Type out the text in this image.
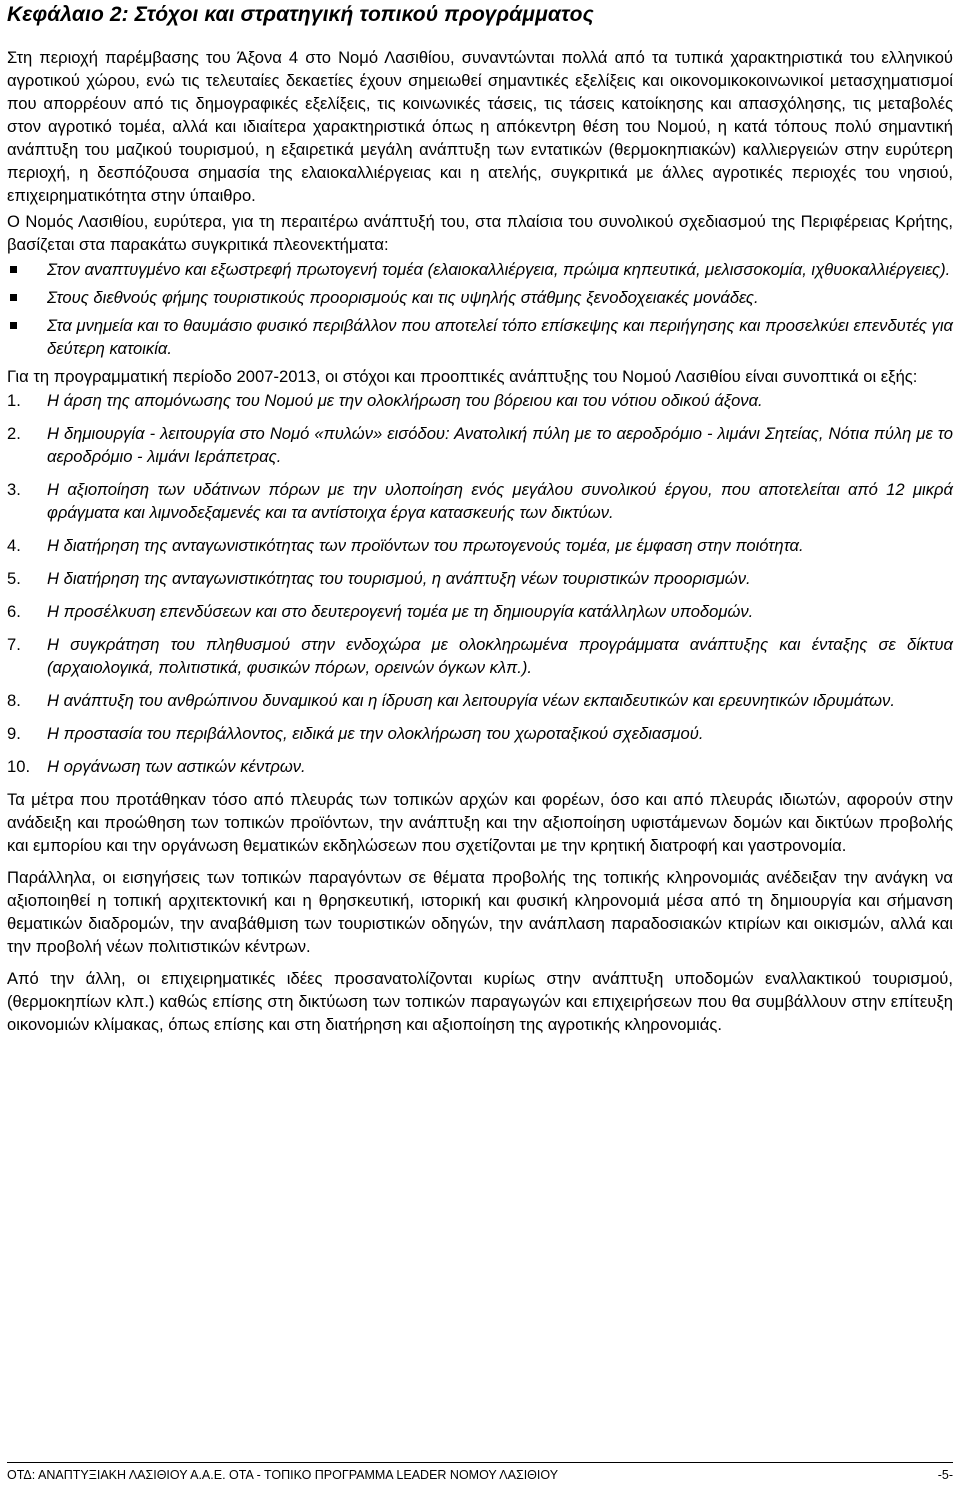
Κεφάλαιο 2: Στόχοι και στρατηγική τοπικού προγράμματος

Στη περιοχή παρέμβασης του Άξονα 4 στο Νομό Λασιθίου, συναντώνται πολλά από τα τυπικά χαρακτηριστικά του ελληνικού αγροτικού χώρου, ενώ τις τελευταίες δεκαετίες έχουν σημειωθεί σημαντικές εξελίξεις και οικονομικοκοινωνικοί μετασχηματισμοί που απορρέουν από τις δημογραφικές εξελίξεις, τις κοινωνικές τάσεις, τις τάσεις κατοίκησης και απασχόλησης, τις μεταβολές στον αγροτικό τομέα, αλλά και ιδιαίτερα χαρακτηριστικά όπως η απόκεντρη θέση του Νομού, η κατά τόπους πολύ σημαντική ανάπτυξη του μαζικού τουρισμού, η εξαιρετικά μεγάλη ανάπτυξη των εντατικών (θερμοκηπιακών) καλλιεργειών στην ευρύτερη περιοχή, η δεσπόζουσα σημασία της ελαιοκαλλιέργειας και η ατελής, συγκριτικά με άλλες αγροτικές περιοχές του νησιού, επιχειρηματικότητα στην ύπαιθρο.

Ο Νομός Λασιθίου, ευρύτερα, για τη περαιτέρω ανάπτυξή του, στα πλαίσια του συνολικού σχεδιασμού της Περιφέρειας Κρήτης, βασίζεται στα παρακάτω συγκριτικά πλεονεκτήματα:

Στον αναπτυγμένο και εξωστρεφή πρωτογενή τομέα (ελαιοκαλλιέργεια, πρώιμα κηπευτικά, μελισσοκομία, ιχθυοκαλλιέργειες).
Στους διεθνούς φήμης τουριστικούς προορισμούς και τις υψηλής στάθμης ξενοδοχειακές μονάδες.
Στα μνημεία και το θαυμάσιο φυσικό περιβάλλον που αποτελεί τόπο επίσκεψης και περιήγησης και προσελκύει επενδυτές για δεύτερη κατοικία.

Για τη προγραμματική περίοδο 2007-2013, οι στόχοι και προοπτικές ανάπτυξης του Νομού Λασιθίου είναι συνοπτικά οι εξής:

1. Η άρση της απομόνωσης του Νομού με την ολοκλήρωση του βόρειου και του νότιου οδικού άξονα.
2. Η δημιουργία - λειτουργία στο Νομό «πυλών» εισόδου: Ανατολική πύλη με το αεροδρόμιο - λιμάνι Σητείας, Νότια πύλη με το αεροδρόμιο - λιμάνι Ιεράπετρας.
3. Η αξιοποίηση των υδάτινων πόρων με την υλοποίηση ενός μεγάλου συνολικού έργου, που αποτελείται από 12 μικρά φράγματα και λιμνοδεξαμενές και τα αντίστοιχα έργα κατασκευής των δικτύων.
4. Η διατήρηση της ανταγωνιστικότητας των προϊόντων του πρωτογενούς τομέα, με έμφαση στην ποιότητα.
5. Η διατήρηση της ανταγωνιστικότητας του τουρισμού, η ανάπτυξη νέων τουριστικών προορισμών.
6. Η προσέλκυση επενδύσεων και στο δευτερογενή τομέα με τη δημιουργία κατάλληλων υποδομών.
7. Η συγκράτηση του πληθυσμού στην ενδοχώρα με ολοκληρωμένα προγράμματα ανάπτυξης και ένταξης σε δίκτυα (αρχαιολογικά, πολιτιστικά, φυσικών πόρων, ορεινών όγκων κλπ.).
8. Η ανάπτυξη του ανθρώπινου δυναμικού και η ίδρυση και λειτουργία νέων εκπαιδευτικών και ερευνητικών ιδρυμάτων.
9. Η προστασία του περιβάλλοντος, ειδικά με την ολοκλήρωση του χωροταξικού σχεδιασμού.
10. Η οργάνωση των αστικών κέντρων.

Τα μέτρα που προτάθηκαν τόσο από πλευράς των τοπικών αρχών και φορέων, όσο και από πλευράς ιδιωτών, αφορούν στην ανάδειξη και προώθηση των τοπικών προϊόντων, την ανάπτυξη και την αξιοποίηση υφιστάμενων δομών και δικτύων προβολής και εμπορίου και την οργάνωση θεματικών εκδηλώσεων που σχετίζονται με την κρητική διατροφή και γαστρονομία.

Παράλληλα, οι εισηγήσεις των τοπικών παραγόντων σε θέματα προβολής της τοπικής κληρονομιάς ανέδειξαν την ανάγκη να αξιοποιηθεί η τοπική αρχιτεκτονική και η θρησκευτική, ιστορική και φυσική κληρονομιά μέσα από τη δημιουργία και σήμανση θεματικών διαδρομών, την αναβάθμιση των τουριστικών οδηγών, την ανάπλαση παραδοσιακών κτιρίων και οικισμών, αλλά και την προβολή νέων πολιτιστικών κέντρων.

Από την άλλη, οι επιχειρηματικές ιδέες προσανατολίζονται κυρίως στην ανάπτυξη υποδομών εναλλακτικού τουρισμού, (θερμοκηπίων κλπ.) καθώς επίσης στη δικτύωση των τοπικών παραγωγών και επιχειρήσεων που θα συμβάλλουν στην επίτευξη οικονομιών κλίμακας, όπως επίσης και στη διατήρηση και αξιοποίηση της αγροτικής κληρονομιάς.

ΟΤΔ: ΑΝΑΠΤΥΞΙΑΚΗ ΛΑΣΙΘΙΟΥ Α.Α.Ε. ΟΤΑ - ΤΟΠΙΚΟ ΠΡΟΓΡΑΜΜΑ LEADER ΝΟΜΟΥ ΛΑΣΙΘΙΟΥ	-5-
